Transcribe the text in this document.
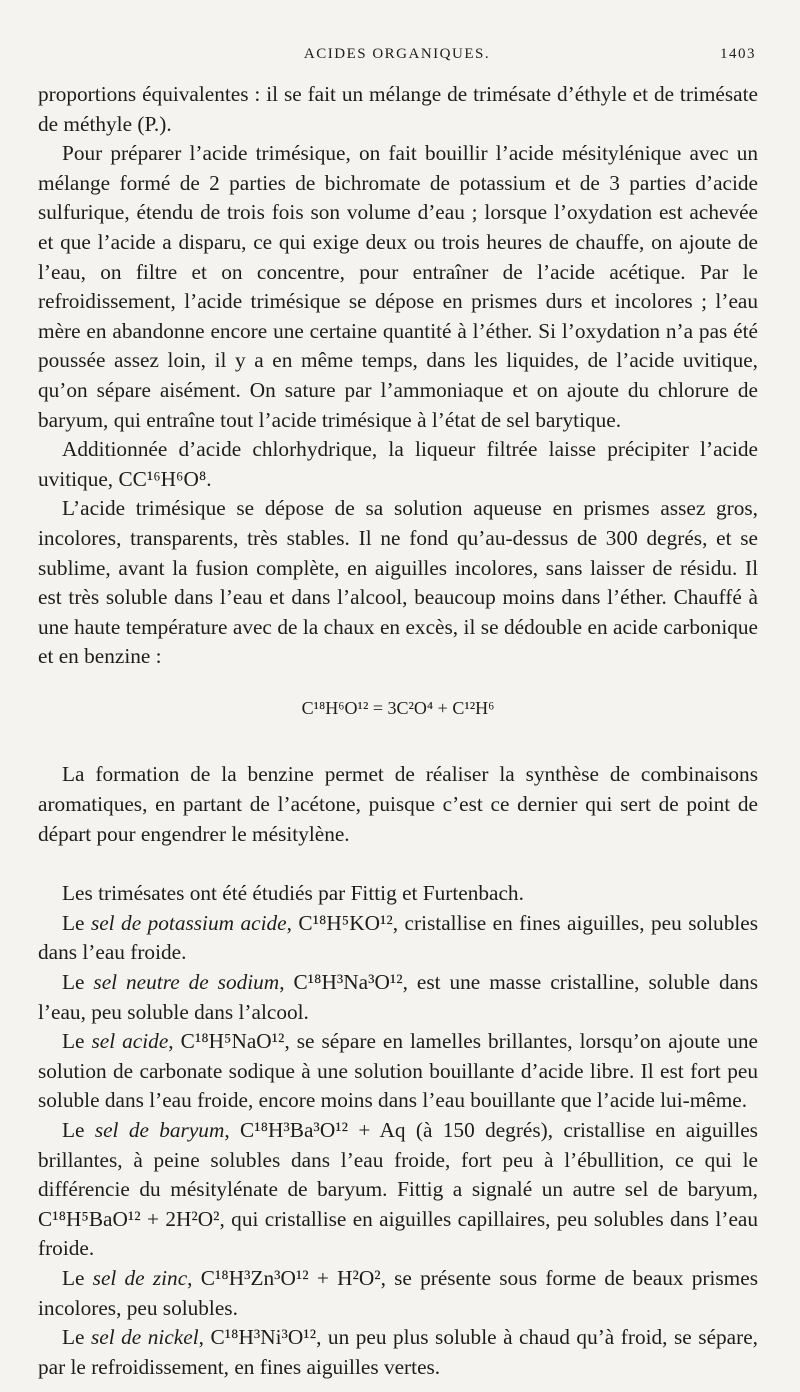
ACIDES ORGANIQUES.	1403

proportions équivalentes : il se fait un mélange de trimésate d’éthyle et de trimésate de méthyle (P.).

Pour préparer l’acide trimésique, on fait bouillir l’acide mésitylénique avec un mélange formé de 2 parties de bichromate de potassium et de 3 parties d’acide sulfurique, étendu de trois fois son volume d’eau ; lorsque l’oxydation est achevée et que l’acide a disparu, ce qui exige deux ou trois heures de chauffe, on ajoute de l’eau, on filtre et on concentre, pour entraîner de l’acide acétique. Par le refroidissement, l’acide trimésique se dépose en prismes durs et incolores ; l’eau mère en abandonne encore une certaine quantité à l’éther. Si l’oxydation n’a pas été poussée assez loin, il y a en même temps, dans les liquides, de l’acide uvitique, qu’on sépare aisément. On sature par l’ammoniaque et on ajoute du chlorure de baryum, qui entraîne tout l’acide trimésique à l’état de sel barytique.

Additionnée d’acide chlorhydrique, la liqueur filtrée laisse précipiter l’acide uvitique, CC¹⁶H⁶O⁸.

L’acide trimésique se dépose de sa solution aqueuse en prismes assez gros, incolores, transparents, très stables. Il ne fond qu’au-dessus de 300 degrés, et se sublime, avant la fusion complète, en aiguilles incolores, sans laisser de résidu. Il est très soluble dans l’eau et dans l’alcool, beaucoup moins dans l’éther. Chauffé à une haute température avec de la chaux en excès, il se dédouble en acide carbonique et en benzine :

C¹⁸H⁶O¹² = 3C²O⁴ + C¹²H⁶

La formation de la benzine permet de réaliser la synthèse de combinaisons aromatiques, en partant de l’acétone, puisque c’est ce dernier qui sert de point de départ pour engendrer le mésitylène.

Les trimésates ont été étudiés par Fittig et Furtenbach.

Le sel de potassium acide, C¹⁸H⁵KO¹², cristallise en fines aiguilles, peu solubles dans l’eau froide.

Le sel neutre de sodium, C¹⁸H³Na³O¹², est une masse cristalline, soluble dans l’eau, peu soluble dans l’alcool.

Le sel acide, C¹⁸H⁵NaO¹², se sépare en lamelles brillantes, lorsqu’on ajoute une solution de carbonate sodique à une solution bouillante d’acide libre. Il est fort peu soluble dans l’eau froide, encore moins dans l’eau bouillante que l’acide lui-même.

Le sel de baryum, C¹⁸H³Ba³O¹² + Aq (à 150 degrés), cristallise en aiguilles brillantes, à peine solubles dans l’eau froide, fort peu à l’ébullition, ce qui le différencie du mésitylénate de baryum. Fittig a signalé un autre sel de baryum, C¹⁸H⁵BaO¹² + 2H²O², qui cristallise en aiguilles capillaires, peu solubles dans l’eau froide.

Le sel de zinc, C¹⁸H³Zn³O¹² + H²O², se présente sous forme de beaux prismes incolores, peu solubles.

Le sel de nickel, C¹⁸H³Ni³O¹², un peu plus soluble à chaud qu’à froid, se sépare, par le refroidissement, en fines aiguilles vertes.
